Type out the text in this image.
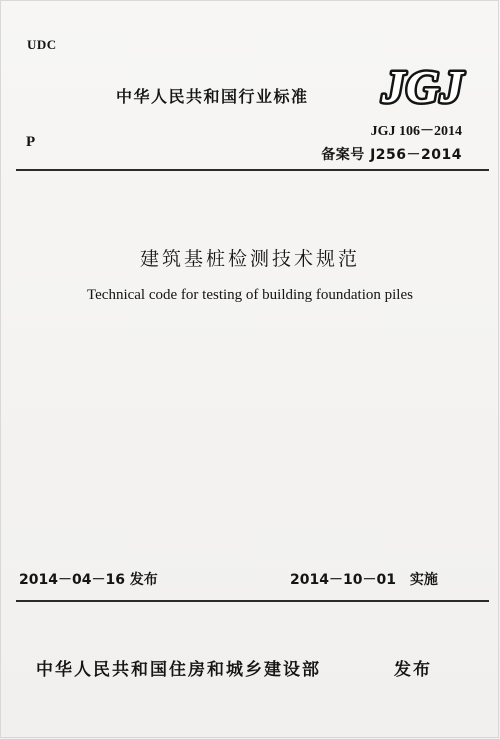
UDC
中华人民共和国行业标准 JGJ
P
JGJ 106－2014
备案号 J256－2014
建筑基桩检测技术规范
Technical code for testing of building foundation piles
2014－04－16 发布	2014－10－01　实施
中华人民共和国住房和城乡建设部	发布
